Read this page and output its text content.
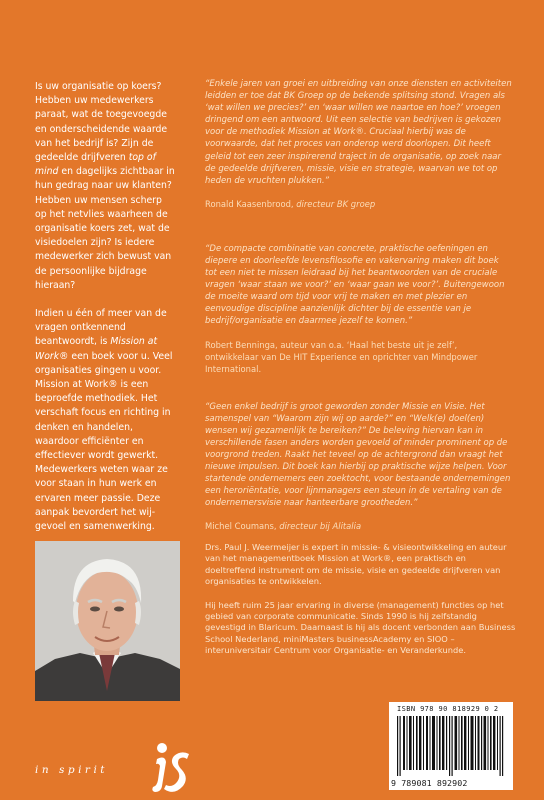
Is uw organisatie op koers? Hebben uw medewerkers paraat, wat de toegevoegde en onderscheidende waarde van het bedrijf is? Zijn de gedeelde drijfveren top of mind en dagelijks zichtbaar in hun gedrag naar uw klanten? Hebben uw mensen scherp op het netvlies waarheen de organisatie koers zet, wat de visiedoelen zijn? Is iedere medewerker zich bewust van de persoonlijke bijdrage hieraan?

Indien u één of meer van de vragen ontkennend beantwoordt, is Mission at Work® een boek voor u. Veel organisaties gingen u voor. Mission at Work® is een beproefde methodiek. Het verschaft focus en richting in denken en handelen, waardoor efficiënter en effectiever wordt gewerkt. Medewerkers weten waar ze voor staan in hun werk en ervaren meer passie. Deze aanpak bevordert het wij-gevoel en samenwerking.

“Enkele jaren van groei en uitbreiding van onze diensten en activiteiten leidden er toe dat BK Groep op de bekende splitsing stond. Vragen als ‘wat willen we precies?’ en ‘waar willen we naartoe en hoe?’ vroegen dringend om een antwoord. Uit een selectie van bedrijven is gekozen voor de methodiek Mission at Work®. Cruciaal hierbij was de voorwaarde, dat het proces van onderop werd doorlopen. Dit heeft geleid tot een zeer inspirerend traject in de organisatie, op zoek naar de gedeelde drijfveren, missie, visie en strategie, waarvan we tot op heden de vruchten plukken.”

Ronald Kaasenbrood, directeur BK groep

“De compacte combinatie van concrete, praktische oefeningen en diepere en doorleefde levensfilosofie en vakervaring maken dit boek tot een niet te missen leidraad bij het beantwoorden van de cruciale vragen ‘waar staan we voor?’ en ‘waar gaan we voor?’. Buitengewoon de moeite waard om tijd voor vrij te maken en met plezier en eenvoudige discipline aanzienlijk dichter bij de essentie van je bedrijf/organisatie en daarmee jezelf te komen.”

Robert Benninga, auteur van o.a. ‘Haal het beste uit je zelf’, ontwikkelaar van De HIT Experience en oprichter van Mindpower International.

“Geen enkel bedrijf is groot geworden zonder Missie en Visie. Het samenspel van “Waarom zijn wij op aarde?” en “Welk(e) doel(en) wensen wij gezamenlijk te bereiken?” De beleving hiervan kan in verschillende fasen anders worden gevoeld of minder prominent op de voorgrond treden. Raakt het teveel op de achtergrond dan vraagt het nieuwe impulsen. Dit boek kan hierbij op praktische wijze helpen. Voor startende ondernemers een zoektocht, voor bestaande ondernemingen een heroriëntatie, voor lijnmanagers een steun in de vertaling van de ondernemersvisie naar hanteerbare grootheden.”

Michel Coumans, directeur bij Alitalia

Drs. Paul J. Weermeijer is expert in missie- & visieontwikkeling en auteur van het managementboek Mission at Work®, een praktisch en doeltreffend instrument om de missie, visie en gedeelde drijfveren van organisaties te ontwikkelen.

Hij heeft ruim 25 jaar ervaring in diverse (management) functies op het gebied van corporate communicatie. Sinds 1990 is hij zelfstandig gevestigd in Blaricum. Daarnaast is hij als docent verbonden aan Business School Nederland, miniMasters businessAcademy en SIOO – interuniversitair Centrum voor Organisatie- en Veranderkunde.

in spirit
ISBN 978 90 818929 0 2
9 789081 892902
